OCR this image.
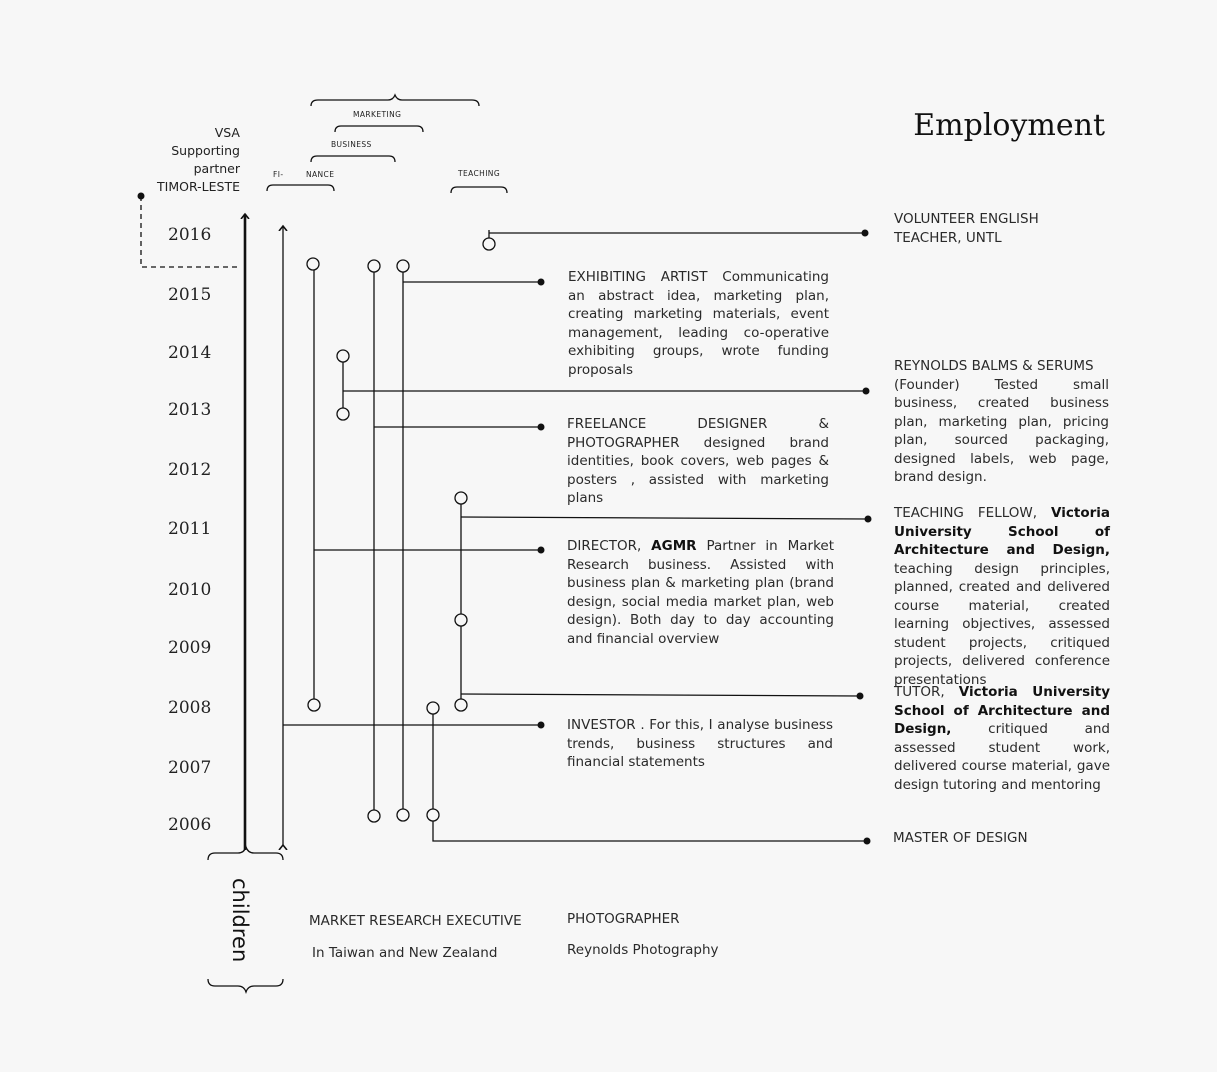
Employment
VSA
Supporting
partner
TIMOR-LESTE
MARKETING
BUSINESS
FI-	NANCE	TEACHING
2016
2015
2014
2013
2012
2011
2010
2009
2008
2007
2006
children
VOLUNTEER ENGLISH
TEACHER, UNTL
REYNOLDS BALMS & SERUMS
(Founder) Tested small business, created business plan, marketing plan, pricing plan, sourced packaging, designed labels, web page, brand design.
TEACHING FELLOW, Victoria University School of Architecture and Design, teaching design principles, planned, created and delivered course material, created learning objectives, assessed student projects, critiqued projects, delivered conference presentations
TUTOR, Victoria University School of Architecture and Design,	critiqued and assessed student work, delivered course material, gave design tutoring and mentoring
MASTER OF DESIGN
EXHIBITING ARTIST Communicating an abstract idea, marketing plan, creating marketing materials, event management, leading co-operative exhibiting groups, wrote funding proposals
FREELANCE DESIGNER & PHOTOGRAPHER designed brand identities, book covers, web pages & posters , assisted with marketing plans
DIRECTOR, AGMR Partner in Market Research business. Assisted with business plan & marketing plan (brand design, social media market plan, web design). Both day to day accounting and financial overview
INVESTOR . For this, I analyse business trends, business structures and financial statements
MARKET RESEARCH EXECUTIVE
In Taiwan and New Zealand
PHOTOGRAPHER
Reynolds Photography
